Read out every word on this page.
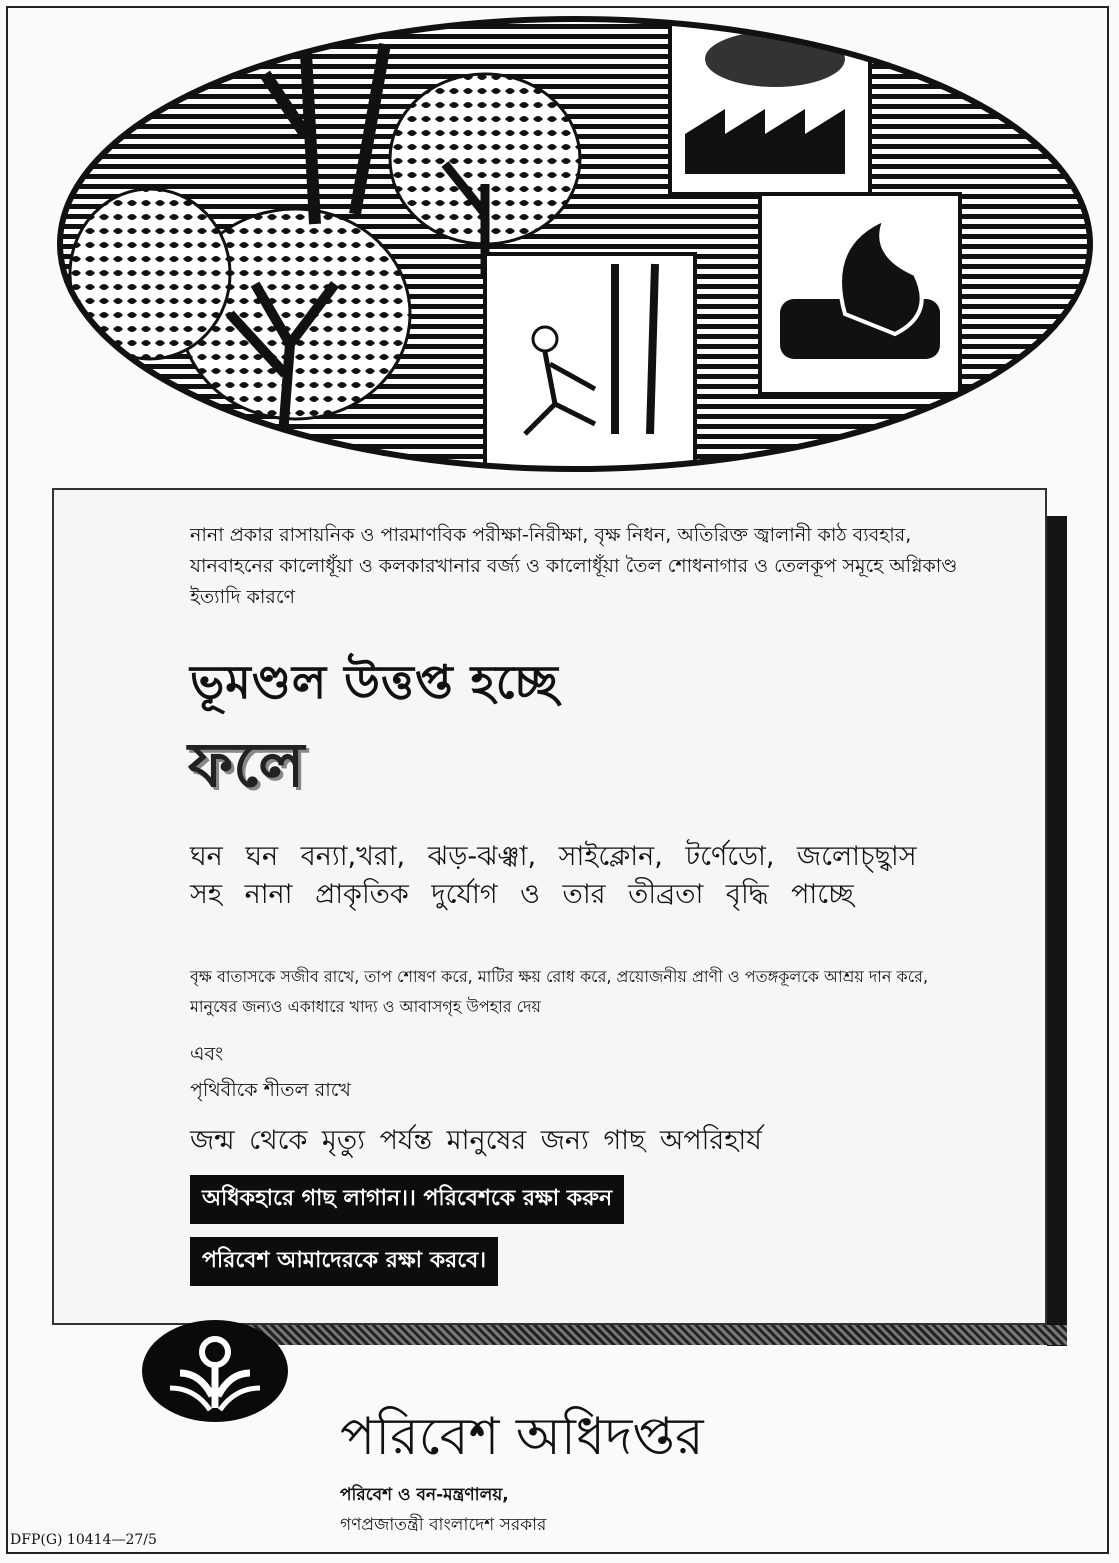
নানা প্রকার রাসায়নিক ও পারমাণবিক পরীক্ষা-নিরীক্ষা, বৃক্ষ নিধন, অতিরিক্ত জ্বালানী কাঠ ব্যবহার, যানবাহনের কালোধূঁয়া ও কলকারখানার বর্জ্য ও কালোধূঁয়া তৈল শোধনাগার ও তেলকূপ সমূহে অগ্নিকাণ্ড ইত্যাদি কারণে
ভূমণ্ডল উত্তপ্ত হচ্ছে
ফলে
ঘন ঘন বন্যা,খরা, ঝড়-ঝঞ্ঝা, সাইক্লোন, টর্ণেডো, জলোচ্ছ্বাস সহ নানা প্রাকৃতিক দুর্যোগ ও তার তীব্রতা বৃদ্ধি পাচ্ছে
বৃক্ষ বাতাসকে সজীব রাখে, তাপ শোষণ করে, মাটির ক্ষয় রোধ করে, প্রয়োজনীয় প্রাণী ও পতঙ্গকূলকে আশ্রয় দান করে, মানুষের জন্যও একাধারে খাদ্য ও আবাসগৃহ উপহার দেয়
এবং
পৃথিবীকে শীতল রাখে
জন্ম থেকে মৃত্যু পর্যন্ত মানুষের জন্য গাছ অপরিহার্য
অধিকহারে গাছ লাগান।। পরিবেশকে রক্ষা করুন
পরিবেশ আমাদেরকে রক্ষা করবে।
পরিবেশ অধিদপ্তর
পরিবেশ ও বন-মন্ত্রণালয়,
গণপ্রজাতন্ত্রী বাংলাদেশ সরকার
DFP(G) 10414—27/5
